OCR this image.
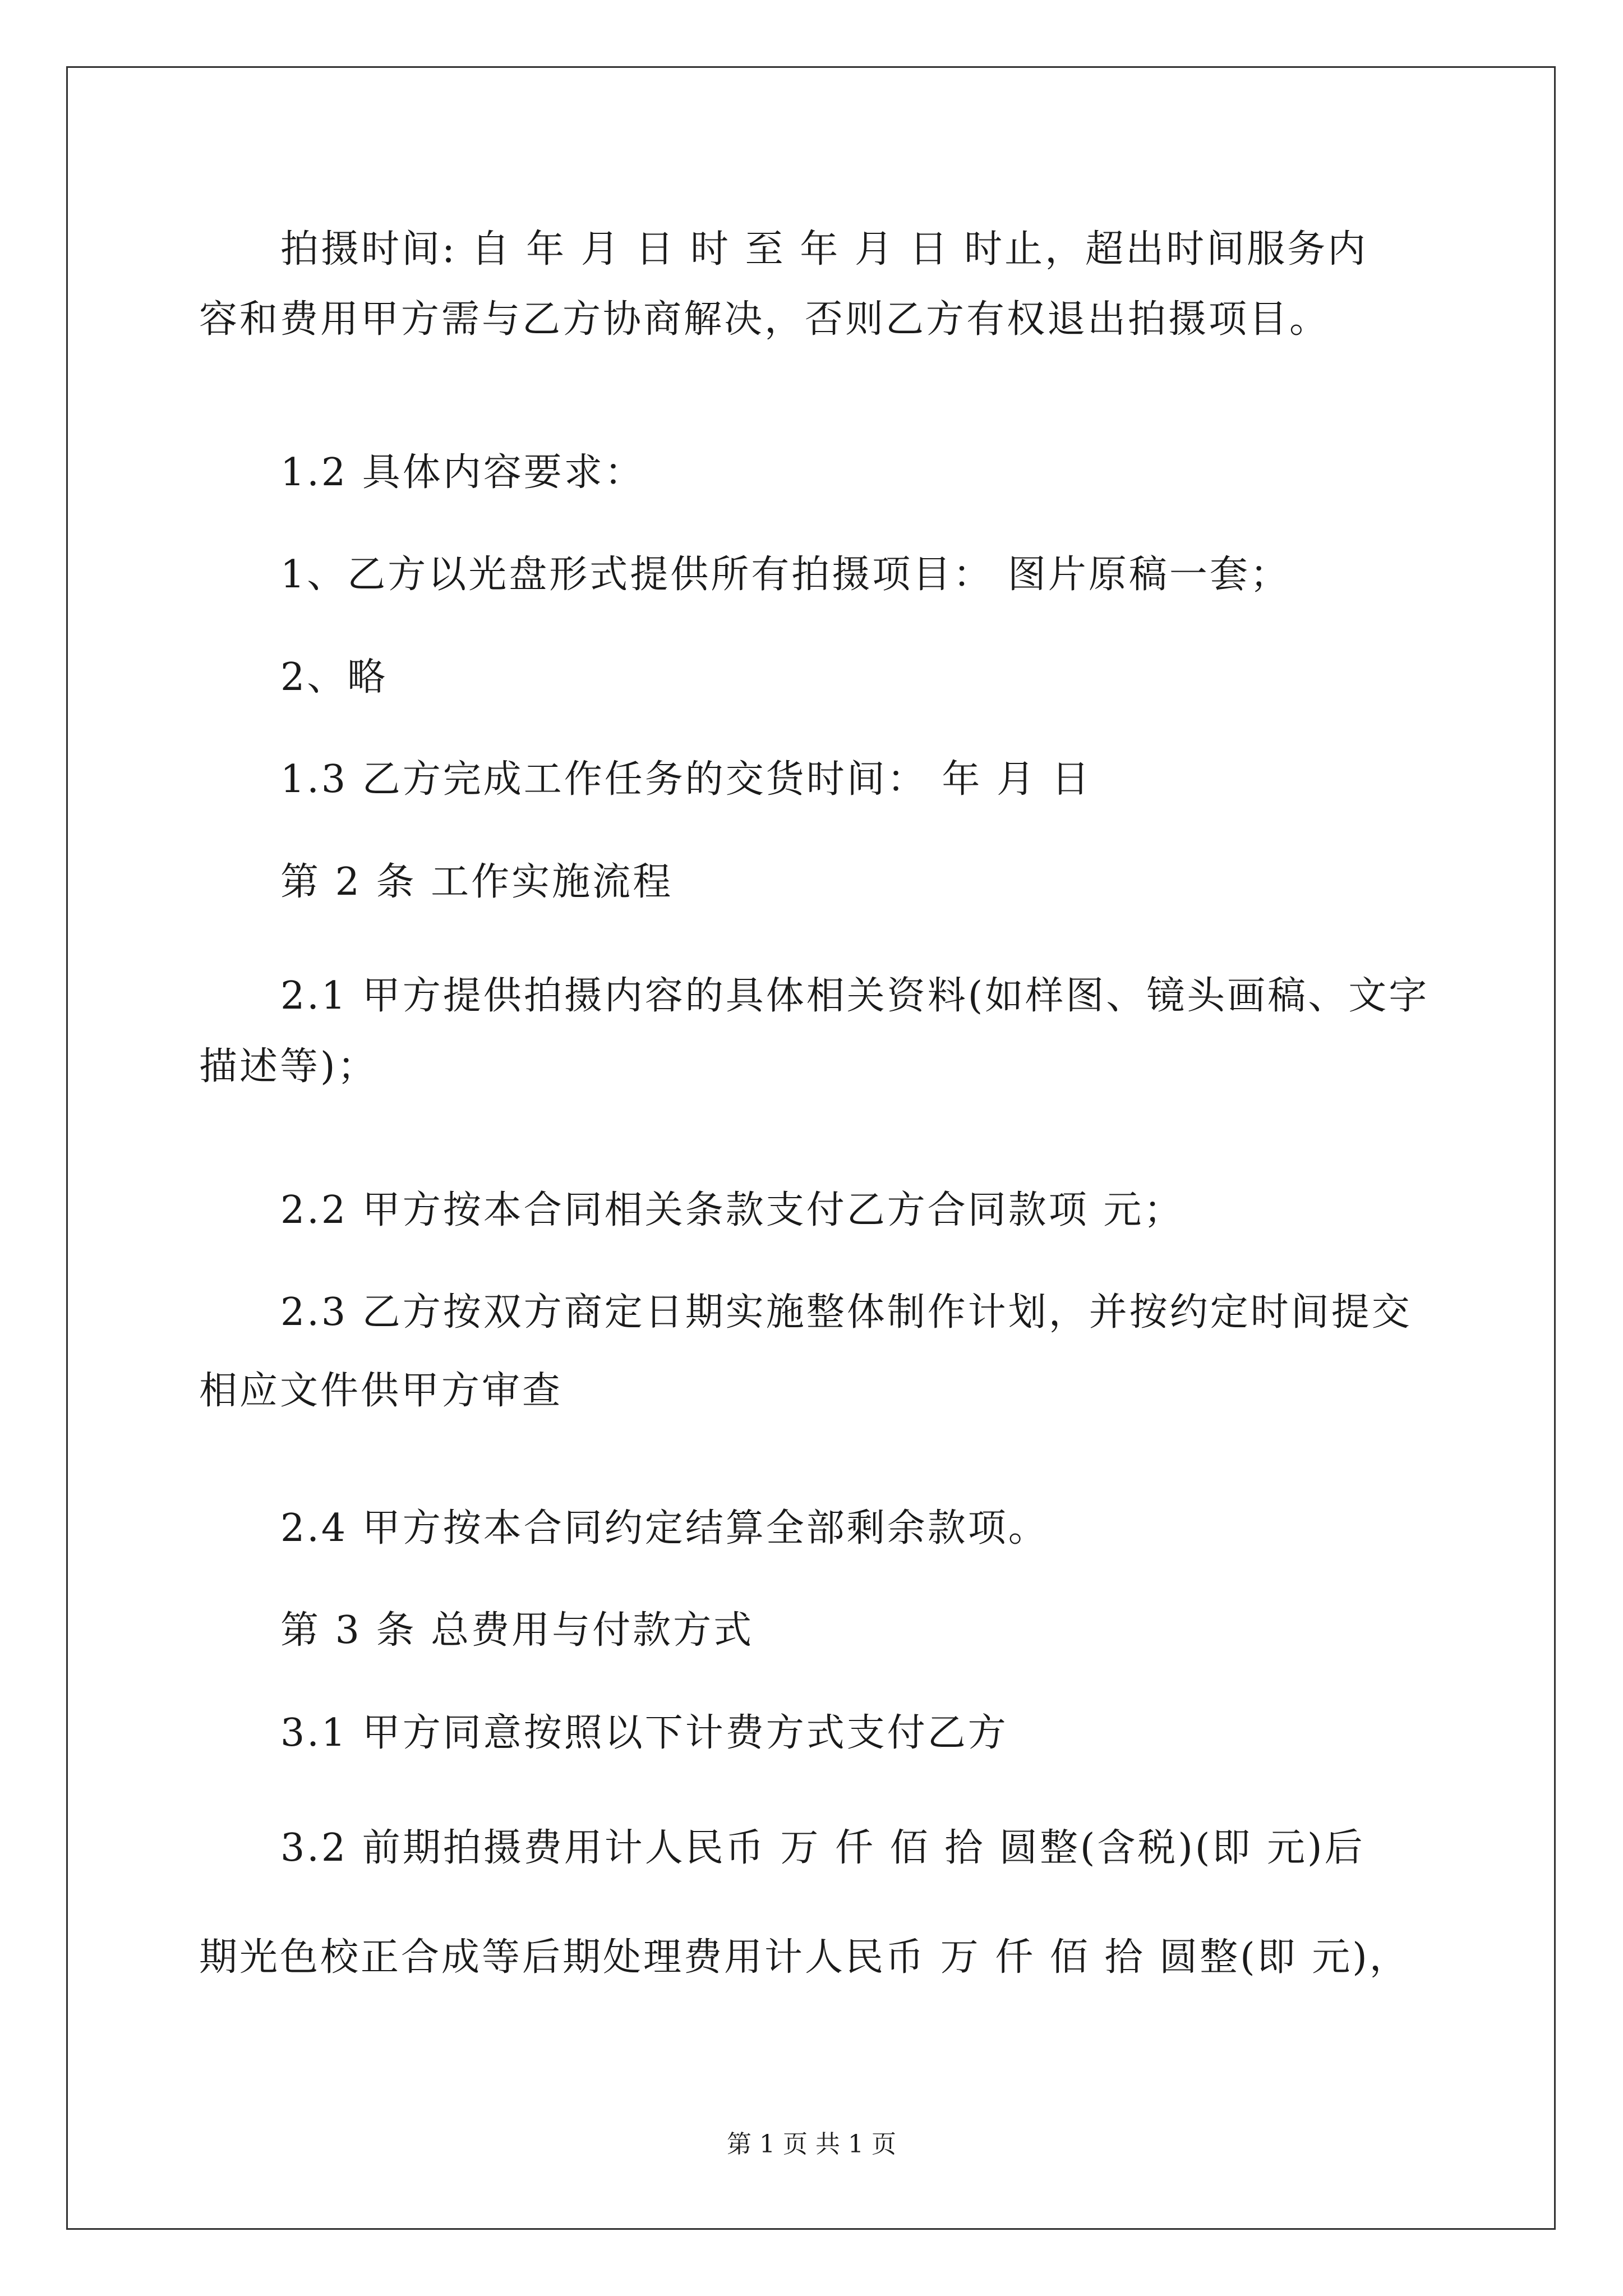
拍摄时间: 自 年 月 日 时 至 年 月 日 时止，超出时间服务内
容和费用甲方需与乙方协商解决，否则乙方有权退出拍摄项目。
1.2 具体内容要求：
1、乙方以光盘形式提供所有拍摄项目： 图片原稿一套；
2、略
1.3 乙方完成工作任务的交货时间： 年 月 日
第 2 条 工作实施流程
2.1 甲方提供拍摄内容的具体相关资料(如样图、镜头画稿、文字
描述等)；
2.2 甲方按本合同相关条款支付乙方合同款项 元；
2.3 乙方按双方商定日期实施整体制作计划，并按约定时间提交
相应文件供甲方审查
2.4 甲方按本合同约定结算全部剩余款项。
第 3 条 总费用与付款方式
3.1 甲方同意按照以下计费方式支付乙方
3.2 前期拍摄费用计人民币 万 仟 佰 拾 圆整(含税)(即 元)后
期光色校正合成等后期处理费用计人民币 万 仟 佰 拾 圆整(即 元)，
第 1 页 共 1 页
